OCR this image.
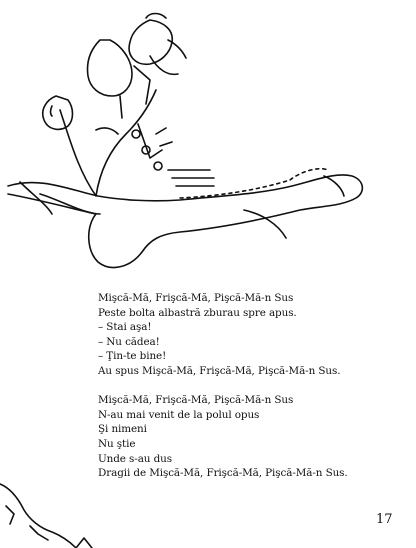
Mişcă-Mă, Frişcă-Mă, Pişcă-Mă-n Sus
Peste bolta albastră zburau spre apus.
– Stai aşa!
– Nu cădea!
– Ţin-te bine!
Au spus Mişcă-Mă, Frişcă-Mă, Pişcă-Mă-n Sus.
Mişcă-Mă, Frişcă-Mă, Pişcă-Mă-n Sus
N-au mai venit de la polul opus
Şi nimeni
Nu ştie
Unde s-au dus
Dragii de Mişcă-Mă, Frişcă-Mă, Pişcă-Mă-n Sus.
17
